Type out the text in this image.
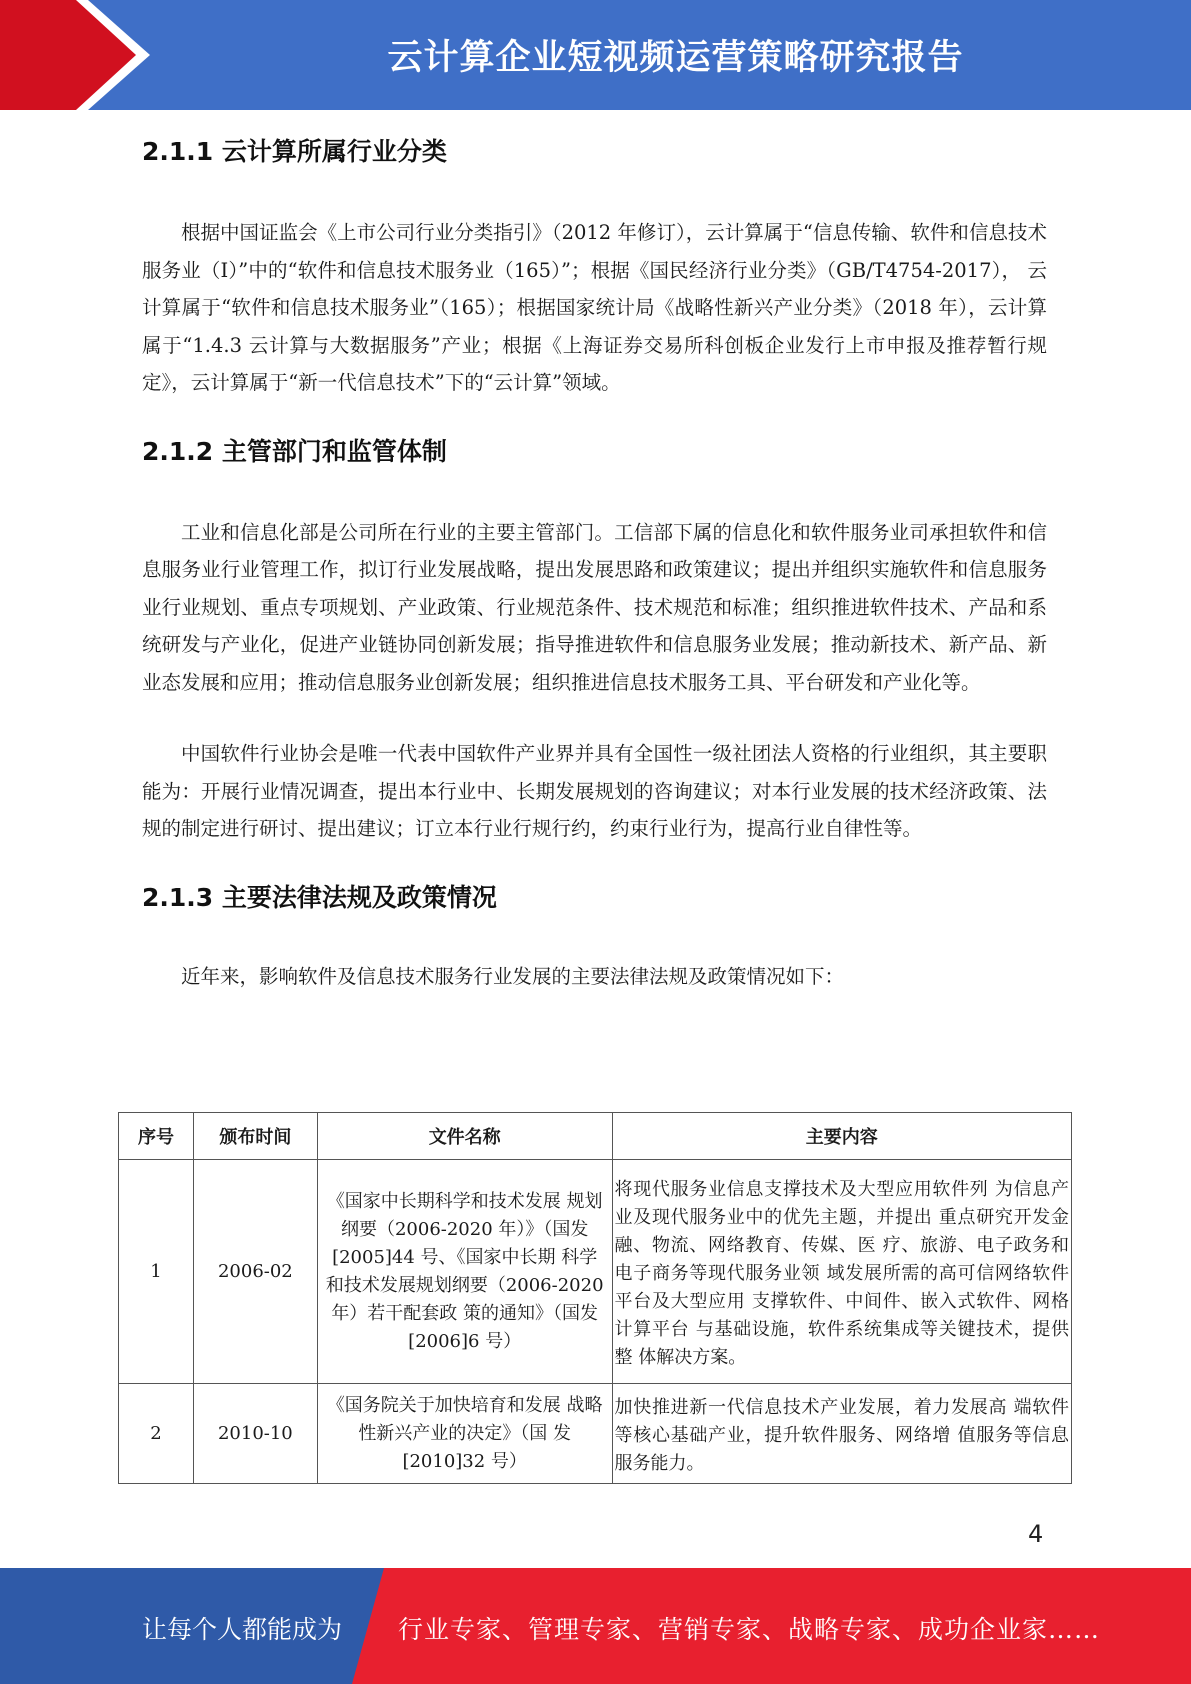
云计算企业短视频运营策略研究报告
2.1.1 云计算所属行业分类

根据中国证监会《上市公司行业分类指引》（2012 年修订），云计算属于“信息传输、软件和信息技术服务业（I）”中的“软件和信息技术服务业（165）”；根据《国民经济行业分类》（GB/T4754-2017）， 云计算属于“软件和信息技术服务业”（165）；根据国家统计局《战略性新兴产业分类》（2018 年），云计算属于“1.4.3 云计算与大数据服务”产业；根据《上海证券交易所科创板企业发行上市申报及推荐暂行规定》，云计算属于“新一代信息技术”下的“云计算”领域。

2.1.2 主管部门和监管体制

工业和信息化部是公司所在行业的主要主管部门。工信部下属的信息化和软件服务业司承担软件和信息服务业行业管理工作，拟订行业发展战略，提出发展思路和政策建议；提出并组织实施软件和信息服务业行业规划、重点专项规划、产业政策、行业规范条件、技术规范和标准；组织推进软件技术、产品和系统研发与产业化，促进产业链协同创新发展；指导推进软件和信息服务业发展；推动新技术、新产品、新业态发展和应用；推动信息服务业创新发展；组织推进信息技术服务工具、平台研发和产业化等。

中国软件行业协会是唯一代表中国软件产业界并具有全国性一级社团法人资格的行业组织，其主要职能为：开展行业情况调查，提出本行业中、长期发展规划的咨询建议；对本行业发展的技术经济政策、法规的制定进行研讨、提出建议；订立本行业行规行约，约束行业行为，提高行业自律性等。

2.1.3 主要法律法规及政策情况

近年来，影响软件及信息技术服务行业发展的主要法律法规及政策情况如下：

序号	颁布时间	文件名称	主要内容
1	2006-02	《国家中长期科学和技术发展 规划纲要（2006-2020 年）》（国发[2005]44 号、《国家中长期 科学和技术发展规划纲要（2006-2020 年）若干配套政 策的通知》（国发[2006]6 号）	将现代服务业信息支撑技术及大型应用软件列 为信息产业及现代服务业中的优先主题，并提出 重点研究开发金融、物流、网络教育、传媒、医 疗、旅游、电子政务和电子商务等现代服务业领 域发展所需的高可信网络软件平台及大型应用 支撑软件、中间件、嵌入式软件、网格计算平台 与基础设施，软件系统集成等关键技术，提供整 体解决方案。

2	2010-10	《国务院关于加快培育和发展 战略性新兴产业的决定》（国 发[2010]32 号）	加快推进新一代信息技术产业发展，着力发展高 端软件等核心基础产业，提升软件服务、网络增 值服务等信息服务能力。
4
让每个人都能成为 行业专家、管理专家、营销专家、战略专家、成功企业家……
